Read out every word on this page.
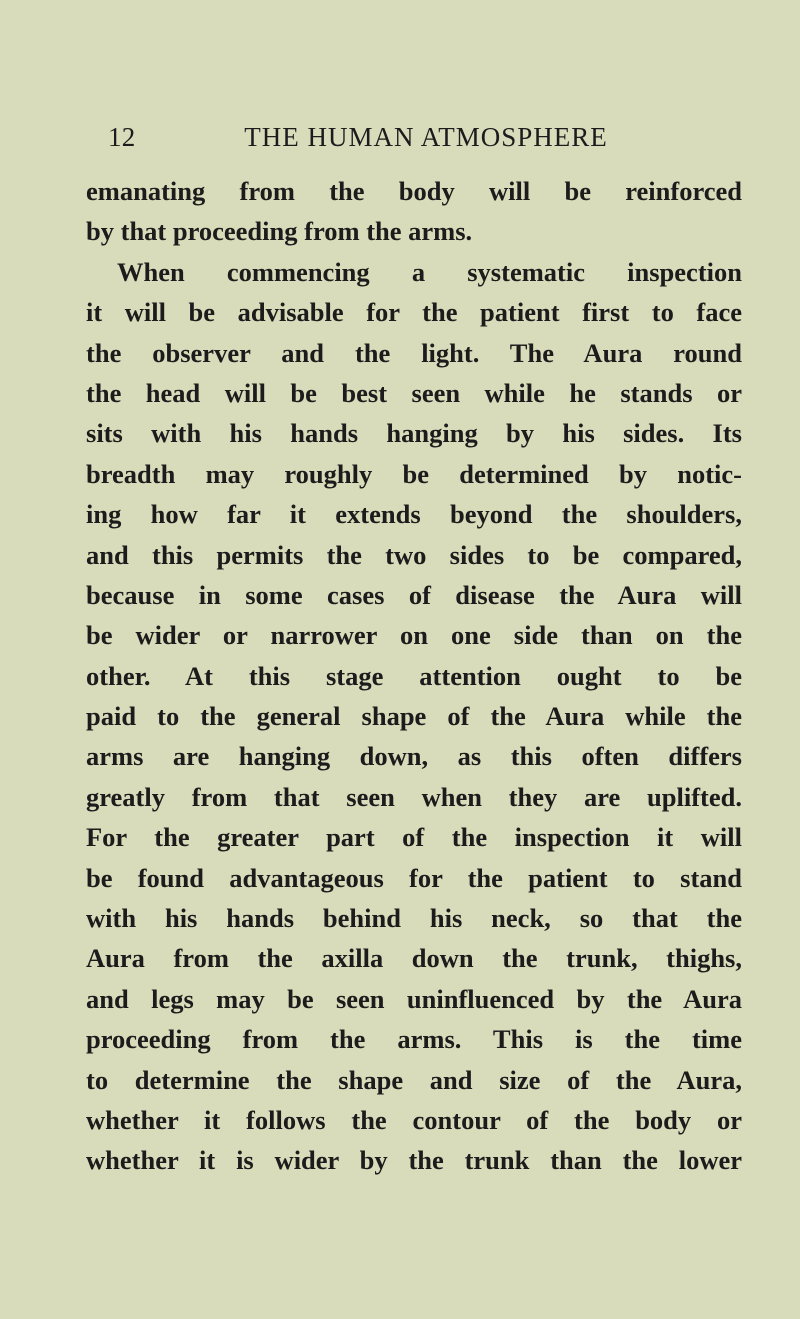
12	THE HUMAN ATMOSPHERE
emanating from the body will be reinforced
by that proceeding from the arms.
When commencing a systematic inspection
it will be advisable for the patient first to face
the observer and the light. The Aura round
the head will be best seen while he stands or
sits with his hands hanging by his sides. Its
breadth may roughly be determined by notic-
ing how far it extends beyond the shoulders,
and this permits the two sides to be compared,
because in some cases of disease the Aura will
be wider or narrower on one side than on the
other. At this stage attention ought to be
paid to the general shape of the Aura while the
arms are hanging down, as this often differs
greatly from that seen when they are uplifted.
For the greater part of the inspection it will
be found advantageous for the patient to stand
with his hands behind his neck, so that the
Aura from the axilla down the trunk, thighs,
and legs may be seen uninfluenced by the Aura
proceeding from the arms. This is the time
to determine the shape and size of the Aura,
whether it follows the contour of the body or
whether it is wider by the trunk than the lower
